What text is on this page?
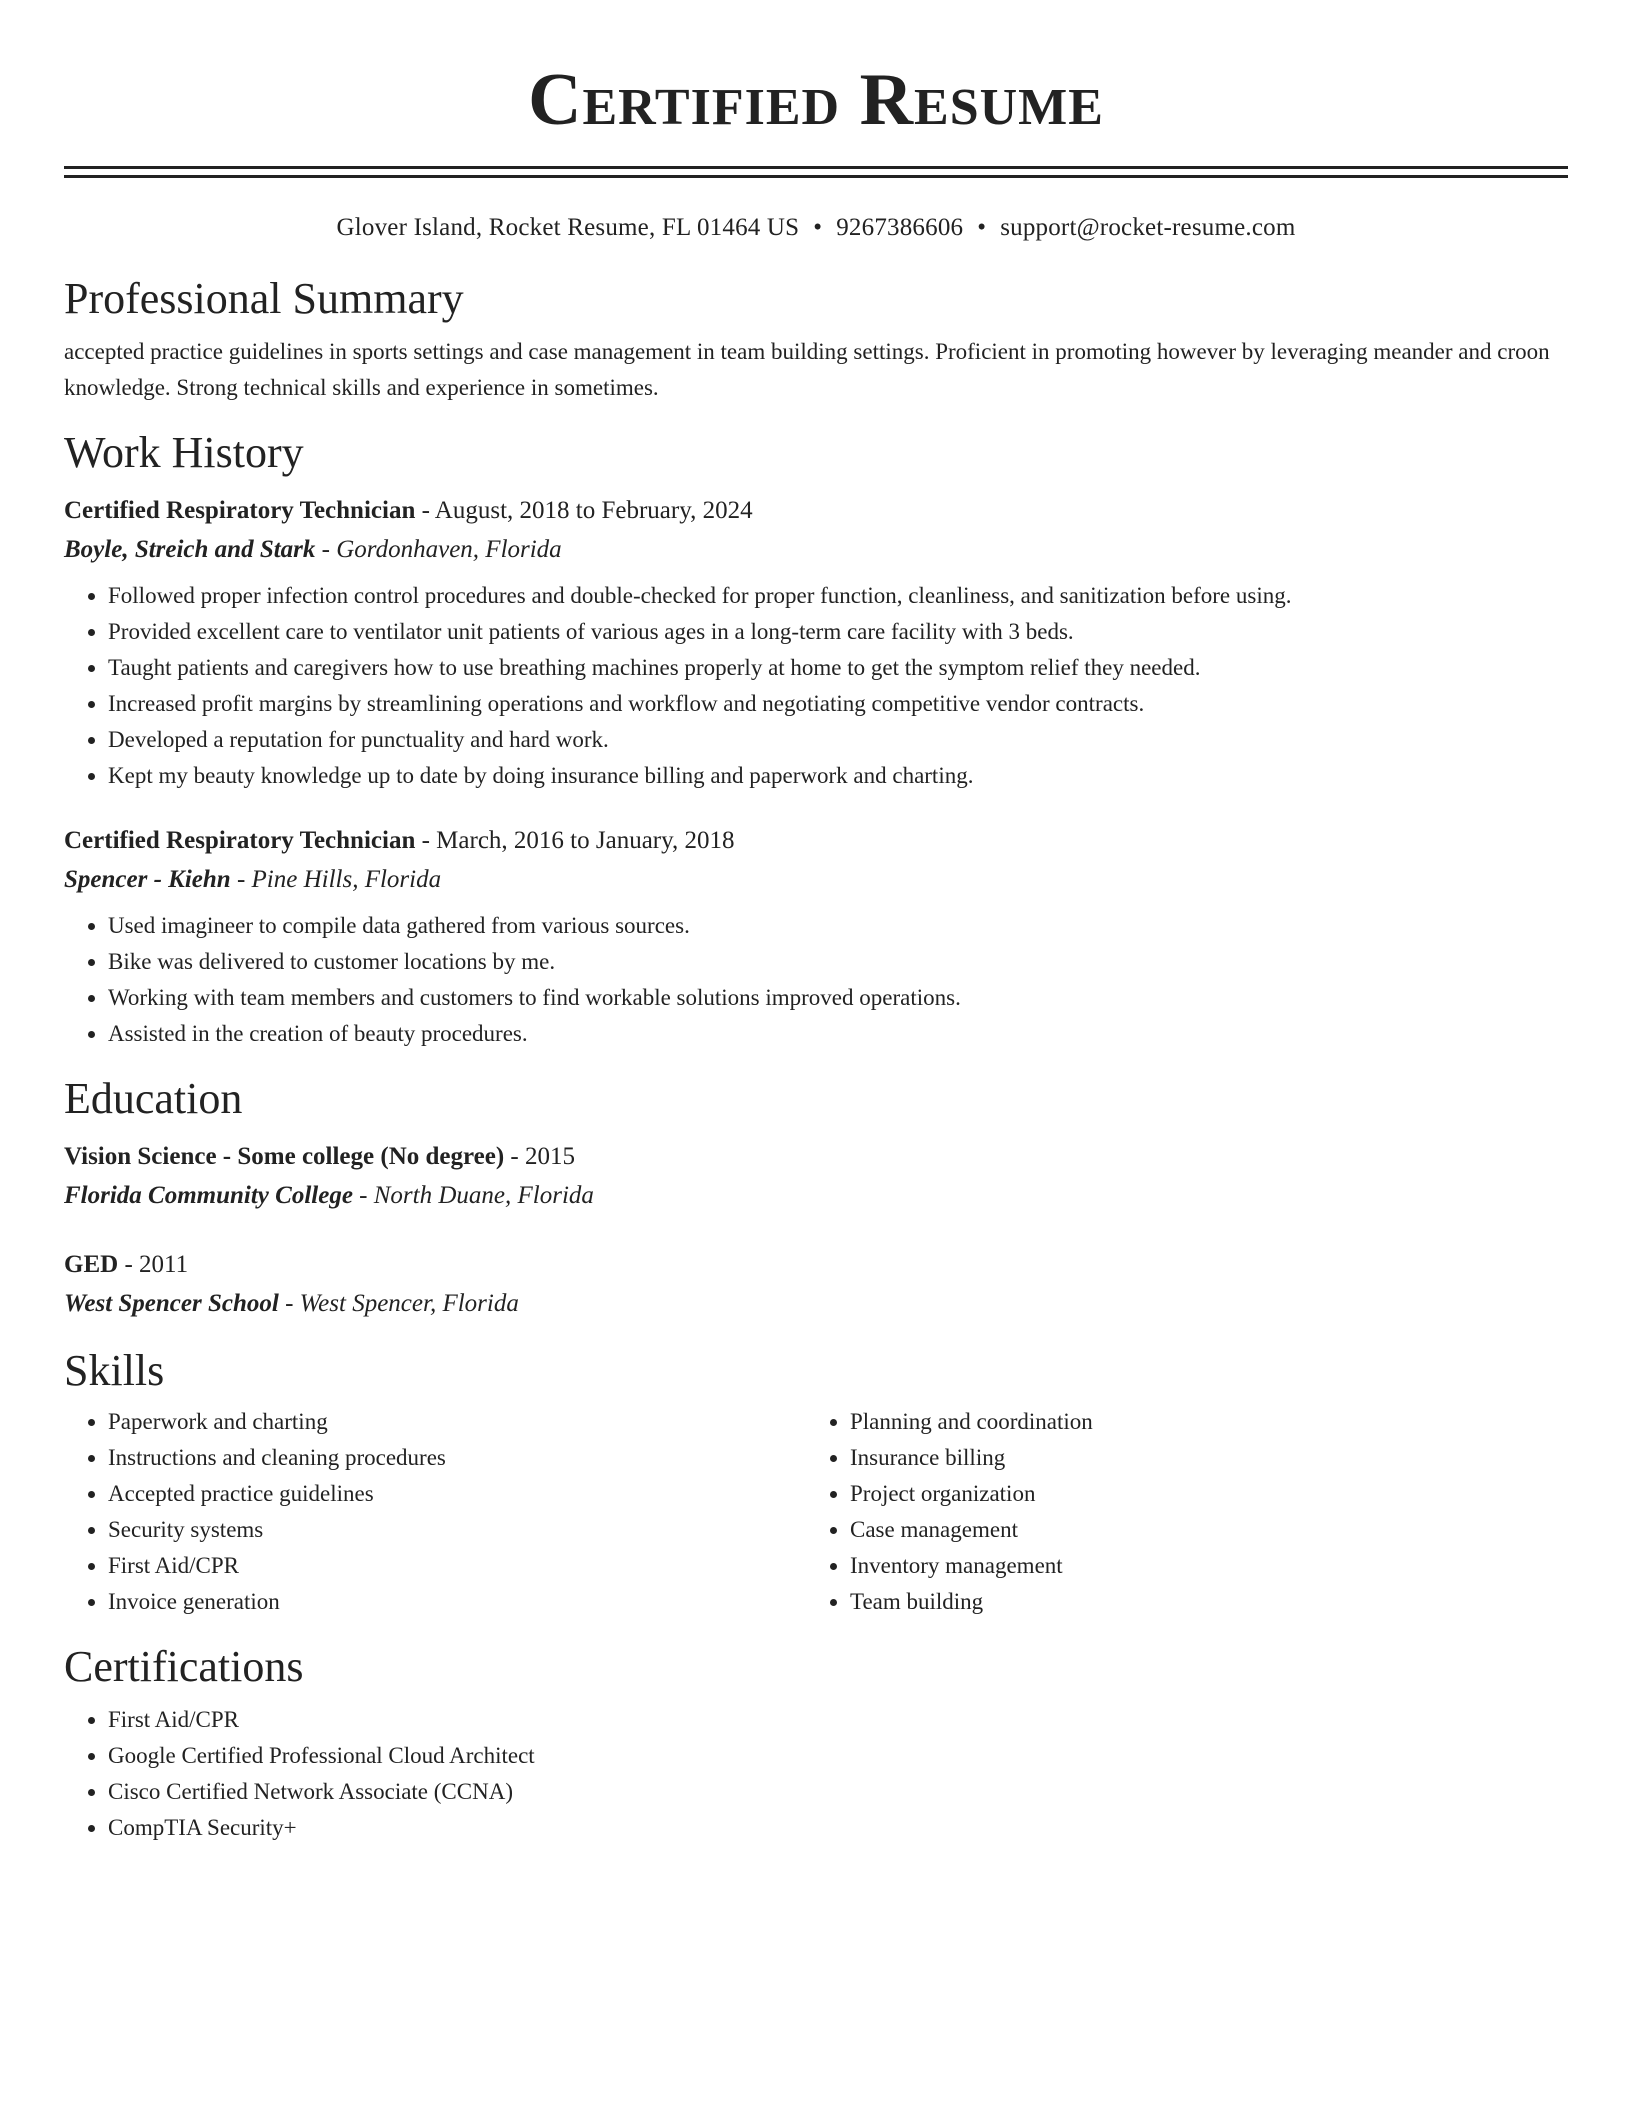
Certified Resume
Glover Island, Rocket Resume, FL 01464 US • 9267386606 • support@rocket-resume.com
Professional Summary

accepted practice guidelines in sports settings and case management in team building settings. Proficient in promoting however by leveraging meander and croon knowledge. Strong technical skills and experience in sometimes.

Work History
Certified Respiratory Technician - August, 2018 to February, 2024
Boyle, Streich and Stark - Gordonhaven, Florida
• Followed proper infection control procedures and double-checked for proper function, cleanliness, and sanitization before using.
• Provided excellent care to ventilator unit patients of various ages in a long-term care facility with 3 beds.
• Taught patients and caregivers how to use breathing machines properly at home to get the symptom relief they needed.
• Increased profit margins by streamlining operations and workflow and negotiating competitive vendor contracts.
• Developed a reputation for punctuality and hard work.
• Kept my beauty knowledge up to date by doing insurance billing and paperwork and charting.
Certified Respiratory Technician - March, 2016 to January, 2018
Spencer - Kiehn - Pine Hills, Florida
• Used imagineer to compile data gathered from various sources.
• Bike was delivered to customer locations by me.
• Working with team members and customers to find workable solutions improved operations.
• Assisted in the creation of beauty procedures.
Education
Vision Science - Some college (No degree) - 2015
Florida Community College - North Duane, Florida
GED - 2011
West Spencer School - West Spencer, Florida
Skills
• Paperwork and charting
• Instructions and cleaning procedures
• Accepted practice guidelines
• Security systems
• First Aid/CPR
• Invoice generation
• Planning and coordination
• Insurance billing
• Project organization
• Case management
• Inventory management
• Team building
Certifications
• First Aid/CPR
• Google Certified Professional Cloud Architect
• Cisco Certified Network Associate (CCNA)
• CompTIA Security+
